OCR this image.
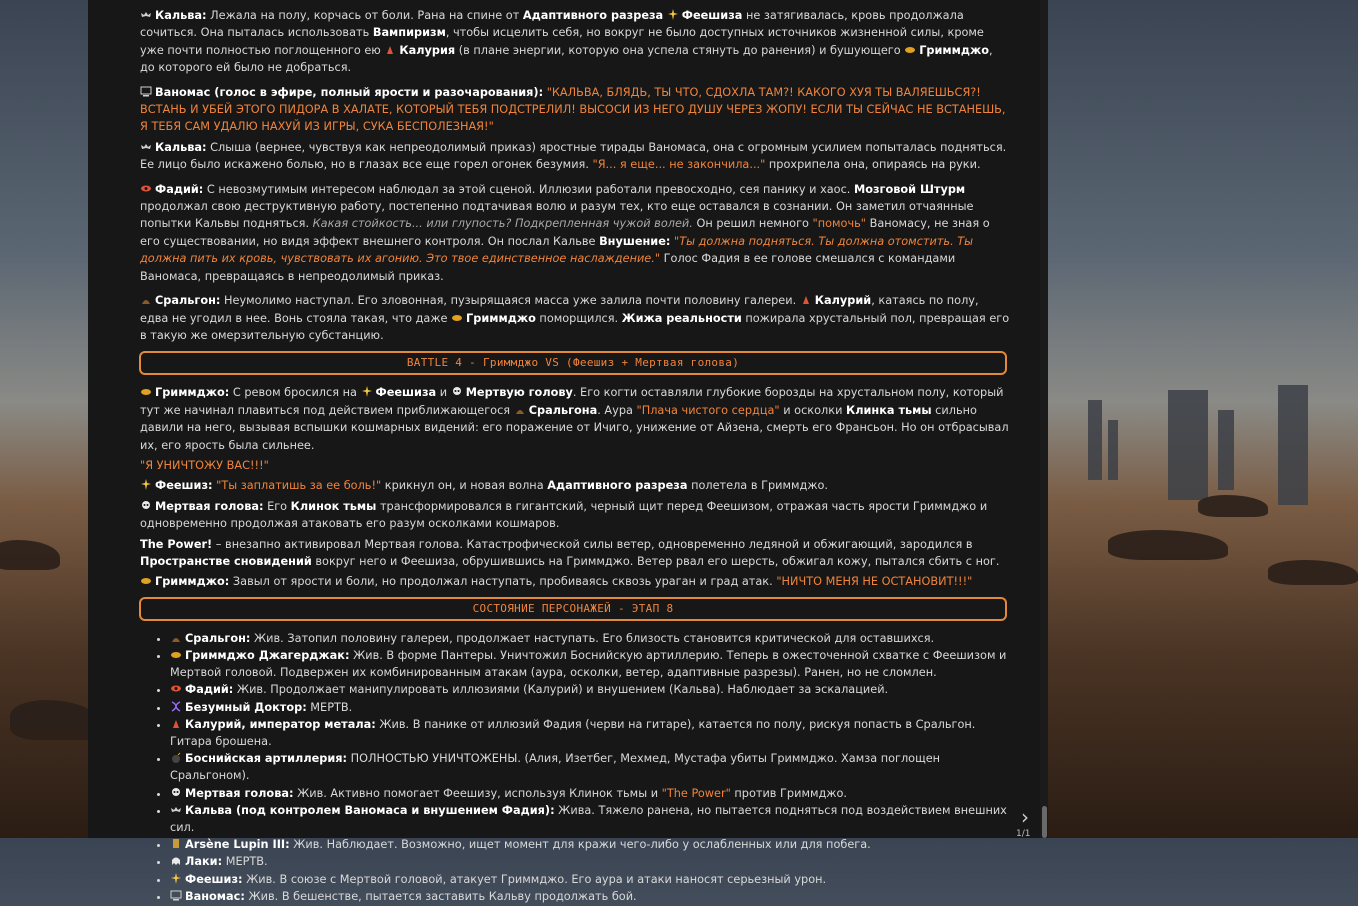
Кальва: Лежала на полу, корчась от боли. Рана на спине от Адаптивного разреза Феешиза не затягивалась, кровь продолжала сочиться. Она пыталась использовать Вампиризм, чтобы исцелить себя, но вокруг не было доступных источников жизненной силы, кроме уже почти полностью поглощенного ею Калурия (в плане энергии, которую она успела стянуть до ранения) и бушующего Гриммджо, до которого ей было не добраться.

Ваномас (голос в эфире, полный ярости и разочарования): "КАЛЬВА, БЛЯДЬ, ТЫ ЧТО, СДОХЛА ТАМ?! КАКОГО ХУЯ ТЫ ВАЛЯЕШЬСЯ?! ВСТАНЬ И УБЕЙ ЭТОГО ПИДОРА В ХАЛАТЕ, КОТОРЫЙ ТЕБЯ ПОДСТРЕЛИЛ! ВЫСОСИ ИЗ НЕГО ДУШУ ЧЕРЕЗ ЖОПУ! ЕСЛИ ТЫ СЕЙЧАС НЕ ВСТАНЕШЬ, Я ТЕБЯ САМ УДАЛЮ НАХУЙ ИЗ ИГРЫ, СУКА БЕСПОЛЕЗНАЯ!"

Кальва: Слыша (вернее, чувствуя как непреодолимый приказ) яростные тирады Ваномаса, она с огромным усилием попыталась подняться. Ее лицо было искажено болью, но в глазах все еще горел огонек безумия. "Я... я еще... не закончила..." прохрипела она, опираясь на руки.

Фадий: С невозмутимым интересом наблюдал за этой сценой. Иллюзии работали превосходно, сея панику и хаос. Мозговой Штурм продолжал свою деструктивную работу, постепенно подтачивая волю и разум тех, кто еще оставался в сознании. Он заметил отчаянные попытки Кальвы подняться. Какая стойкость... или глупость? Подкрепленная чужой волей. Он решил немного "помочь" Ваномасу, не зная о его существовании, но видя эффект внешнего контроля. Он послал Кальве Внушение: "Ты должна подняться. Ты должна отомстить. Ты должна пить их кровь, чувствовать их агонию. Это твое единственное наслаждение." Голос Фадия в ее голове смешался с командами Ваномаса, превращаясь в непреодолимый приказ.

Сральгон: Неумолимо наступал. Его зловонная, пузырящаяся масса уже залила почти половину галереи. Калурий, катаясь по полу, едва не угодил в нее. Вонь стояла такая, что даже Гриммджо поморщился. Жижа реальности пожирала хрустальный пол, превращая его в такую же омерзительную субстанцию.

BATTLE 4 - Гриммджо VS (Феешиз + Мертвая голова)

Гриммджо: С ревом бросился на Феешиза и Мертвую голову. Его когти оставляли глубокие борозды на хрустальном полу, который тут же начинал плавиться под действием приближающегося Сральгона. Аура "Плача чистого сердца" и осколки Клинка тьмы сильно давили на него, вызывая вспышки кошмарных видений: его поражение от Ичиго, унижение от Айзена, смерть его Франсьон. Но он отбрасывал их, его ярость была сильнее.

"Я УНИЧТОЖУ ВАС!!!"

Феешиз: "Ты заплатишь за ее боль!" крикнул он, и новая волна Адаптивного разреза полетела в Гриммджо.

Мертвая голова: Его Клинок тьмы трансформировался в гигантский, черный щит перед Феешизом, отражая часть ярости Гриммджо и одновременно продолжая атаковать его разум осколками кошмаров.

The Power! – внезапно активировал Мертвая голова. Катастрофической силы ветер, одновременно ледяной и обжигающий, зародился в Пространстве сновидений вокруг него и Феешиза, обрушившись на Гриммджо. Ветер рвал его шерсть, обжигал кожу, пытался сбить с ног.

Гриммджо: Завыл от ярости и боли, но продолжал наступать, пробиваясь сквозь ураган и град атак. "НИЧТО МЕНЯ НЕ ОСТАНОВИТ!!!"

СОСТОЯНИЕ ПЕРСОНАЖЕЙ - ЭТАП 8
• Сральгон: Жив. Затопил половину галереи, продолжает наступать. Его близость становится критической для оставшихся.
• Гриммджо Джагерджак: Жив. В форме Пантеры. Уничтожил Боснийскую артиллерию. Теперь в ожесточенной схватке с Феешизом и Мертвой головой. Подвержен их комбинированным атакам (аура, осколки, ветер, адаптивные разрезы). Ранен, но не сломлен.
• Фадий: Жив. Продолжает манипулировать иллюзиями (Калурий) и внушением (Кальва). Наблюдает за эскалацией.
• Безумный Доктор: МЕРТВ.
• Калурий, император метала: Жив. В панике от иллюзий Фадия (черви на гитаре), катается по полу, рискуя попасть в Сральгон. Гитара брошена.
• Боснийская артиллерия: ПОЛНОСТЬЮ УНИЧТОЖЕНЫ. (Алия, Изетбег, Мехмед, Мустафа убиты Гриммджо. Хамза поглощен Сральгоном).
• Мертвая голова: Жив. Активно помогает Феешизу, используя Клинок тьмы и "The Power" против Гриммджо.
• Кальва (под контролем Ваномаса и внушением Фадия): Жива. Тяжело ранена, но пытается подняться под воздействием внешних сил.
• Arsène Lupin III: Жив. Наблюдает. Возможно, ищет момент для кражи чего-либо у ослабленных или для побега.
• Лаки: МЕРТВ.
• Феешиз: Жив. В союзе с Мертвой головой, атакует Гриммджо. Его аура и атаки наносят серьезный урон.
• Ваномас: Жив. В бешенстве, пытается заставить Кальву продолжать бой.
›
1/1
